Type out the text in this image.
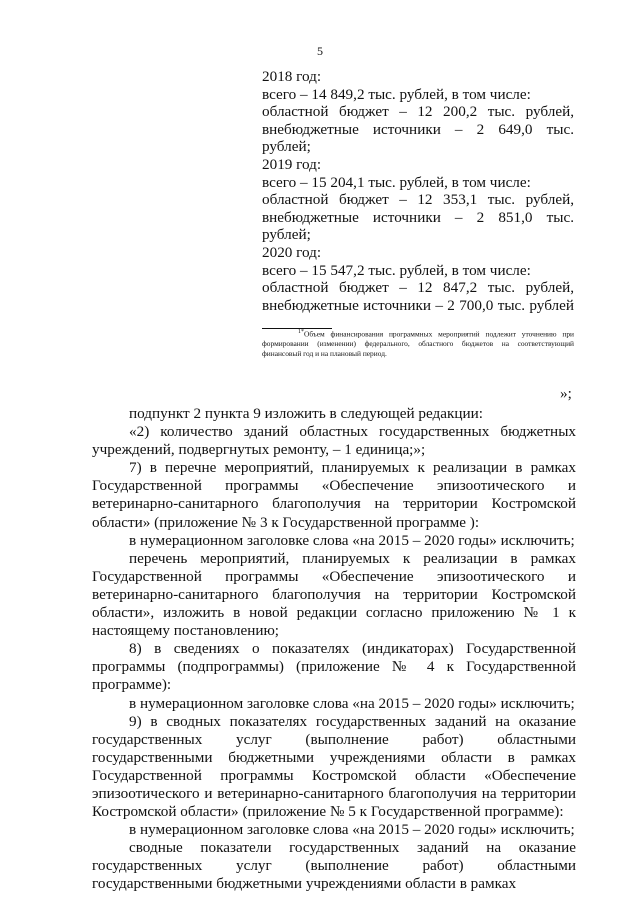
5
2018 год:
всего – 14 849,2 тыс. рублей, в том числе:
областной бюджет – 12 200,2 тыс. рублей,
внебюджетные источники – 2 649,0 тыс.
рублей;
2019 год:
всего – 15 204,1 тыс. рублей, в том числе:
областной бюджет – 12 353,1 тыс. рублей,
внебюджетные источники – 2 851,0 тыс.
рублей;
2020 год:
всего – 15 547,2 тыс. рублей, в том числе:
областной бюджет – 12 847,2 тыс. рублей,
внебюджетные источники – 2 700,0 тыс. рублей
$^{1*}$Объем финансирования программных мероприятий подлежит уточнению при формировании (изменении) федерального, областного бюджетов на соответствующий финансовый год и на плановый период.
»;

подпункт 2 пункта 9 изложить в следующей редакции:

«2) количество зданий областных государственных бюджетных учреждений, подвергнутых ремонту, – 1 единица;»;

7) в перечне мероприятий, планируемых к реализации в рамках Государственной программы «Обеспечение эпизоотического и ветеринарно-санитарного благополучия на территории Костромской области» (приложение № 3 к Государственной программе ):

в нумерационном заголовке слова «на 2015 – 2020 годы» исключить;

перечень мероприятий, планируемых к реализации в рамках Государственной программы «Обеспечение эпизоотического и ветеринарно-санитарного благополучия на территории Костромской области», изложить в новой редакции согласно приложению № 1 к настоящему постановлению;

8) в сведениях о показателях (индикаторах) Государственной программы (подпрограммы) (приложение № 4 к Государственной программе):

в нумерационном заголовке слова «на 2015 – 2020 годы» исключить;

9) в сводных показателях государственных заданий на оказание государственных услуг (выполнение работ) областными государственными бюджетными учреждениями области в рамках Государственной программы Костромской области «Обеспечение эпизоотического и ветеринарно-санитарного благополучия на территории Костромской области» (приложение № 5 к Государственной программе):

в нумерационном заголовке слова «на 2015 – 2020 годы» исключить;

сводные показатели государственных заданий на оказание государственных услуг (выполнение работ) областными государственными бюджетными учреждениями области в рамках
